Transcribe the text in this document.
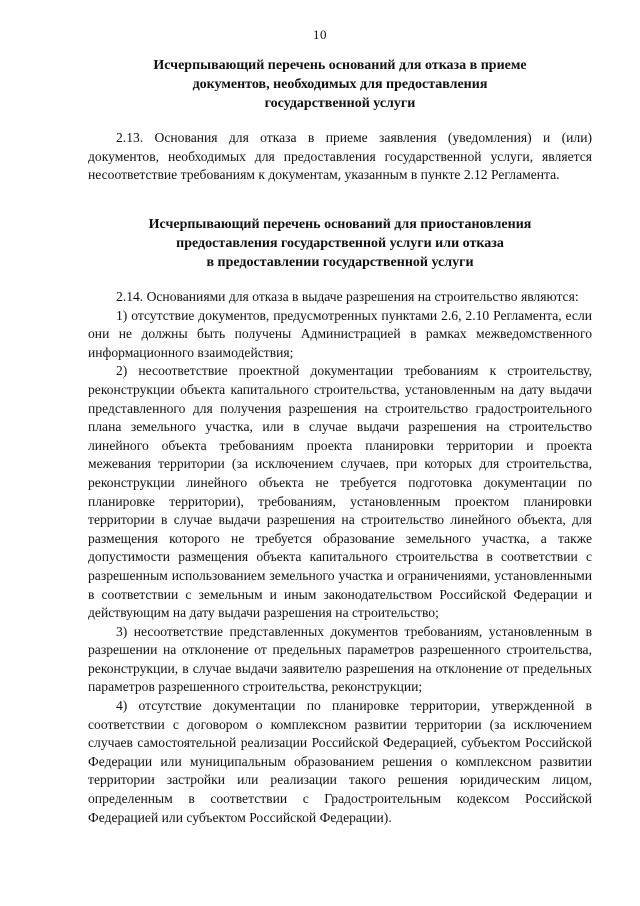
10
Исчерпывающий перечень оснований для отказа в приеме
документов, необходимых для предоставления
государственной услуги

2.13. Основания для отказа в приеме заявления (уведомления) и (или) документов, необходимых для предоставления государственной услуги, является несоответствие требованиям к документам, указанным в пункте 2.12 Регламента.

Исчерпывающий перечень оснований для приостановления
предоставления государственной услуги или отказа
в предоставлении государственной услуги

2.14. Основаниями для отказа в выдаче разрешения на строительство являются:

1) отсутствие документов, предусмотренных пунктами 2.6, 2.10 Регламента, если они не должны быть получены Администрацией в рамках межведомственного информационного взаимодействия;

2) несоответствие проектной документации требованиям к строительству, реконструкции объекта капитального строительства, установленным на дату выдачи представленного для получения разрешения на строительство градостроительного плана земельного участка, или в случае выдачи разрешения на строительство линейного объекта требованиям проекта планировки территории и проекта межевания территории (за исключением случаев, при которых для строительства, реконструкции линейного объекта не требуется подготовка документации по планировке территории), требованиям, установленным проектом планировки территории в случае выдачи разрешения на строительство линейного объекта, для размещения которого не требуется образование земельного участка, а также допустимости размещения объекта капитального строительства в соответствии с разрешенным использованием земельного участка и ограничениями, установленными в соответствии с земельным и иным законодательством Российской Федерации и действующим на дату выдачи разрешения на строительство;

3) несоответствие представленных документов требованиям, установленным в разрешении на отклонение от предельных параметров разрешенного строительства, реконструкции, в случае выдачи заявителю разрешения на отклонение от предельных параметров разрешенного строительства, реконструкции;

4) отсутствие документации по планировке территории, утвержденной в соответствии с договором о комплексном развитии территории (за исключением случаев самостоятельной реализации Российской Федерацией, субъектом Российской Федерации или муниципальным образованием решения о комплексном развитии территории застройки или реализации такого решения юридическим лицом, определенным в соответствии с Градостроительным кодексом Российской Федерацией или субъектом Российской Федерации).
